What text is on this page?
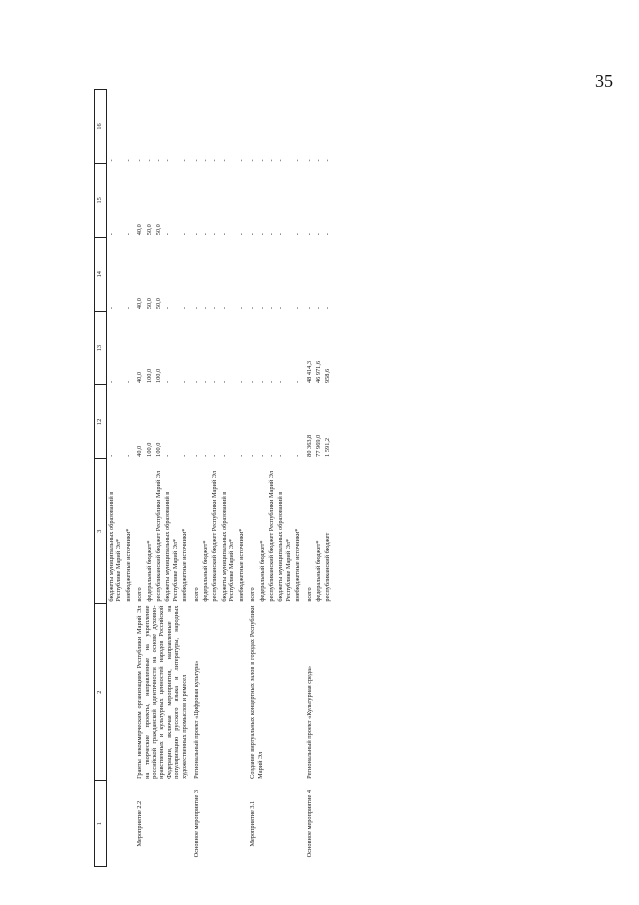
35
1	2	3	12	13	14	15	16
		бюджеты муниципальных образований в Республике Марий Эл*	-	-	-	-	-
		внебюджетные источники*	-	-	-	-	-
Мероприятие 2.2	Гранты некоммерческим организациям Республики Марий Эл на творческие проекты, направленные на укрепление российской гражданской идентичности на основе духовно-нравственных и культурных ценностей народов Российской Федерации, включая мероприятия, направленные на популяризацию русского языка и литературы, народных художественных промыслов и ремесел	всего	40,0	40,0	40,0	40,0	-
		федеральный бюджет*	100,0	100,0	50,0	50,0	-
		республиканский бюджет Республики Марий Эл	100,0	100,0	50,0	50,0	-
		бюджеты муниципальных образований в Республике Марий Эл*	-	-	-	-	-
		внебюджетные источники*	-	-	-	-	-
Основное мероприятие 3	Региональный проект «Цифровая культура»	всего	-	-	-	-	-
		федеральный бюджет*	-	-	-	-	-
		республиканский бюджет Республики Марий Эл	-	-	-	-	-
		бюджеты муниципальных образований в Республике Марий Эл*	-	-	-	-	-
		внебюджетные источники*	-	-	-	-	-
Мероприятие 3.1	Создание виртуальных концертных залов в городах Республики Марий Эл	всего	-	-	-	-	-
		федеральный бюджет*	-	-	-	-	-
		республиканский бюджет Республики Марий Эл	-	-	-	-	-
		бюджеты муниципальных образований в Республике Марий Эл*	-	-	-	-	-
		внебюджетные источники*	-	-	-	-	-
Основное мероприятие 4	Региональный проект «Культурная среда»	всего	80 363,8	48 414,3	-	-	-
		федеральный бюджет*	77 969,0	46 971,6	-	-	-
		республиканский бюджет	1 591,2	958,6	-	-	-
